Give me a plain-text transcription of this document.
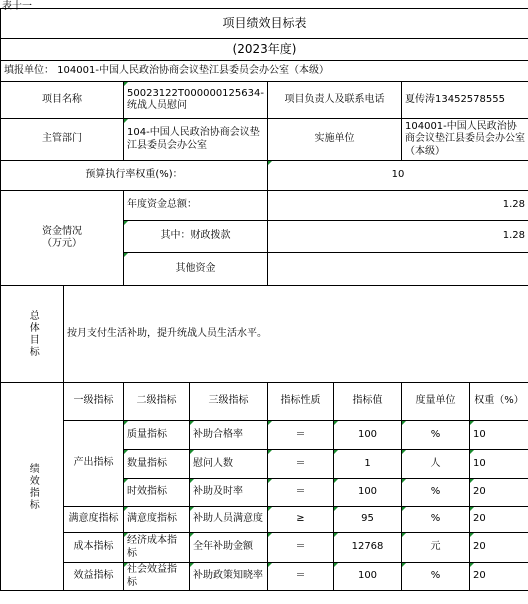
表十一
项目绩效目标表							
(2023年度)							
填报单位： 104001-中国人民政治协商会议垫江县委员会办公室（本级）							
项目名称		50023122T000000125634-统战人员慰问		项目负责人及联系电话		夏传涛13452578555	
主管部门		104-中国人民政治协商会议垫江县委员会办公室		实施单位		104001-中国人民政治协商会议垫江县委员会办公室（本级）	
预算执行率权重(%)：				10			
资金情况
（万元）		年度资金总额：		1.28			
		其中：财政拨款		1.28			
		其他资金					

总体目标	按月支付生活补助，提升统战人员生活水平。						

绩效指标	一级指标	二级指标	三级指标	指标性质	指标值	度量单位	权重（%）
	产出指标	质量指标	补助合格率	＝	100	%	10
		数量指标	慰问人数	＝	1	人	10
		时效指标	补助及时率	＝	100	%	20
	满意度指标	满意度指标	补助人员满意度	≥	95	%	20
	成本指标	经济成本指标	全年补助金额	＝	12768	元	20
	效益指标	社会效益指标	补助政策知晓率	＝	100	%	20
